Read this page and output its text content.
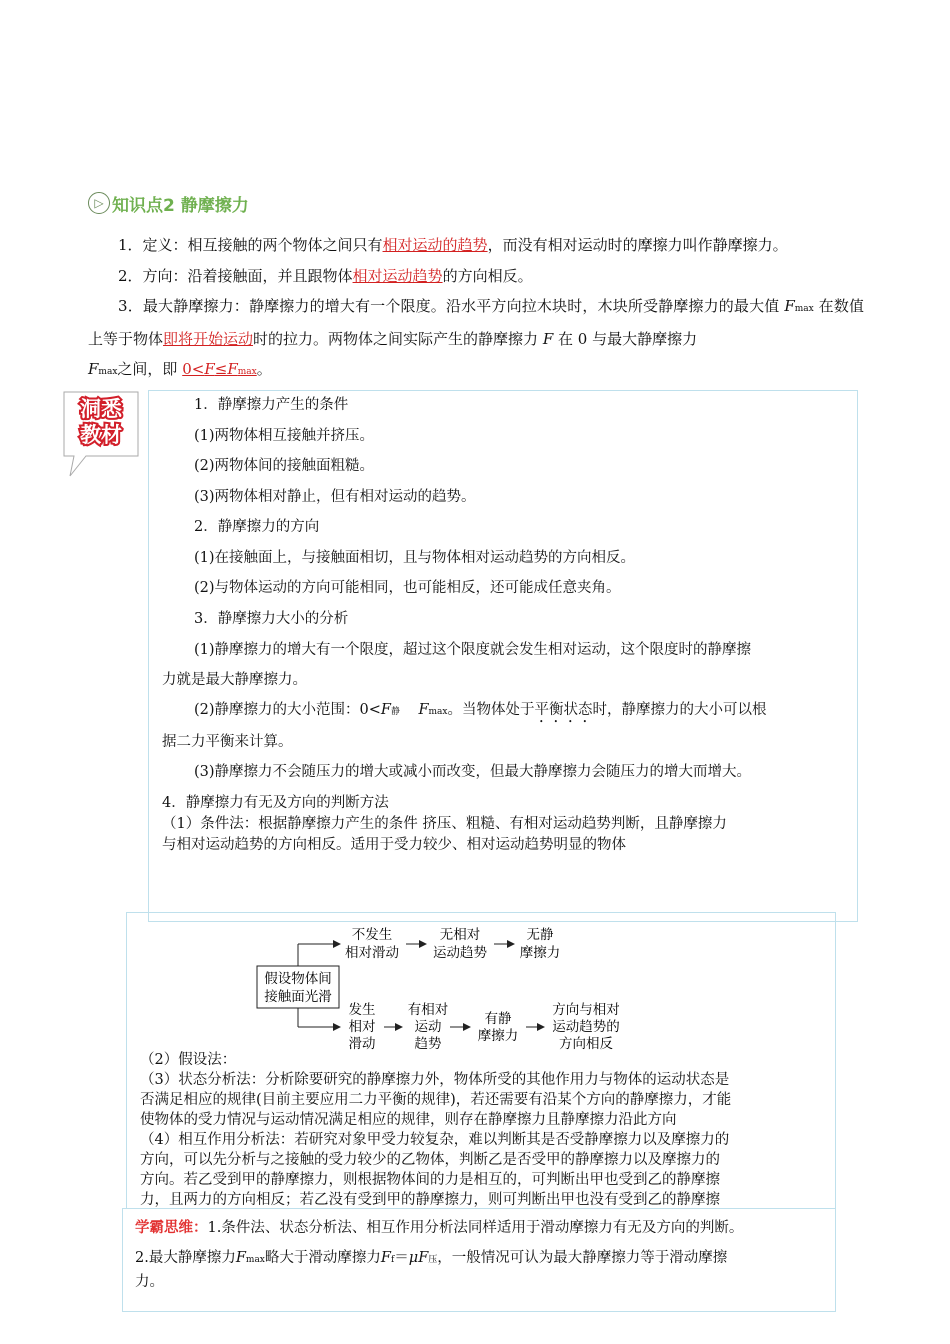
▷ 知识点2 静摩擦力
1．定义：相互接触的两个物体之间只有相对运动的趋势，而没有相对运动时的摩擦力叫作静摩擦力。
2．方向：沿着接触面，并且跟物体相对运动趋势的方向相反。
3．最大静摩擦力：静摩擦力的增大有一个限度。沿水平方向拉木块时，木块所受静摩擦力的最大值 Fmax 在数值上等于物体即将开始运动时的拉力。两物体之间实际产生的静摩擦力 F 在 0 与最大静摩擦力
Fmax之间，即 0<F≤Fmax。
洞悉
教材
1．静摩擦力产生的条件
(1)两物体相互接触并挤压。
(2)两物体间的接触面粗糙。
(3)两物体相对静止，但有相对运动的趋势。
2．静摩擦力的方向
(1)在接触面上，与接触面相切，且与物体相对运动趋势的方向相反。
(2)与物体运动的方向可能相同，也可能相反，还可能成任意夹角。
3．静摩擦力大小的分析
(1)静摩擦力的增大有一个限度，超过这个限度就会发生相对运动，这个限度时的静摩擦
力就是最大静摩擦力。
(2)静摩擦力的大小范围：0<F静 Fmax。当物体处于平衡状态时，静摩擦力的大小可以根
据二力平衡来计算。
(3)静摩擦力不会随压力的增大或减小而改变，但最大静摩擦力会随压力的增大而增大。
4．静摩擦力有无及方向的判断方法
（1）条件法：根据静摩擦力产生的条件 挤压、粗糙、有相对运动趋势判断，且静摩擦力
与相对运动趋势的方向相反。适用于受力较少、相对运动趋势明显的物体
假设物体间
接触面光滑
不发生
相对滑动
无相对
运动趋势
无静
摩擦力
发生
相对
滑动
有相对
运动
趋势
有静
摩擦力
方向与相对
运动趋势的
方向相反
（2）假设法：
（3）状态分析法：分析除要研究的静摩擦力外，物体所受的其他作用力与物体的运动状态是
否满足相应的规律(目前主要应用二力平衡的规律)，若还需要有沿某个方向的静摩擦力，才能
使物体的受力情况与运动情况满足相应的规律，则存在静摩擦力且静摩擦力沿此方向
（4）相互作用分析法：若研究对象甲受力较复杂，难以判断其是否受静摩擦力以及摩擦力的
方向，可以先分析与之接触的受力较少的乙物体，判断乙是否受甲的静摩擦力以及摩擦力的
方向。若乙受到甲的静摩擦力，则根据物体间的力是相互的，可判断出甲也受到乙的静摩擦
力，且两力的方向相反；若乙没有受到甲的静摩擦力，则可判断出甲也没有受到乙的静摩擦
学霸思维：1.条件法、状态分析法、相互作用分析法同样适用于滑动摩擦力有无及方向的判断。
2.最大静摩擦力Fmax略大于滑动摩擦力Ff＝μF压，一般情况可认为最大静摩擦力等于滑动摩擦
力。
